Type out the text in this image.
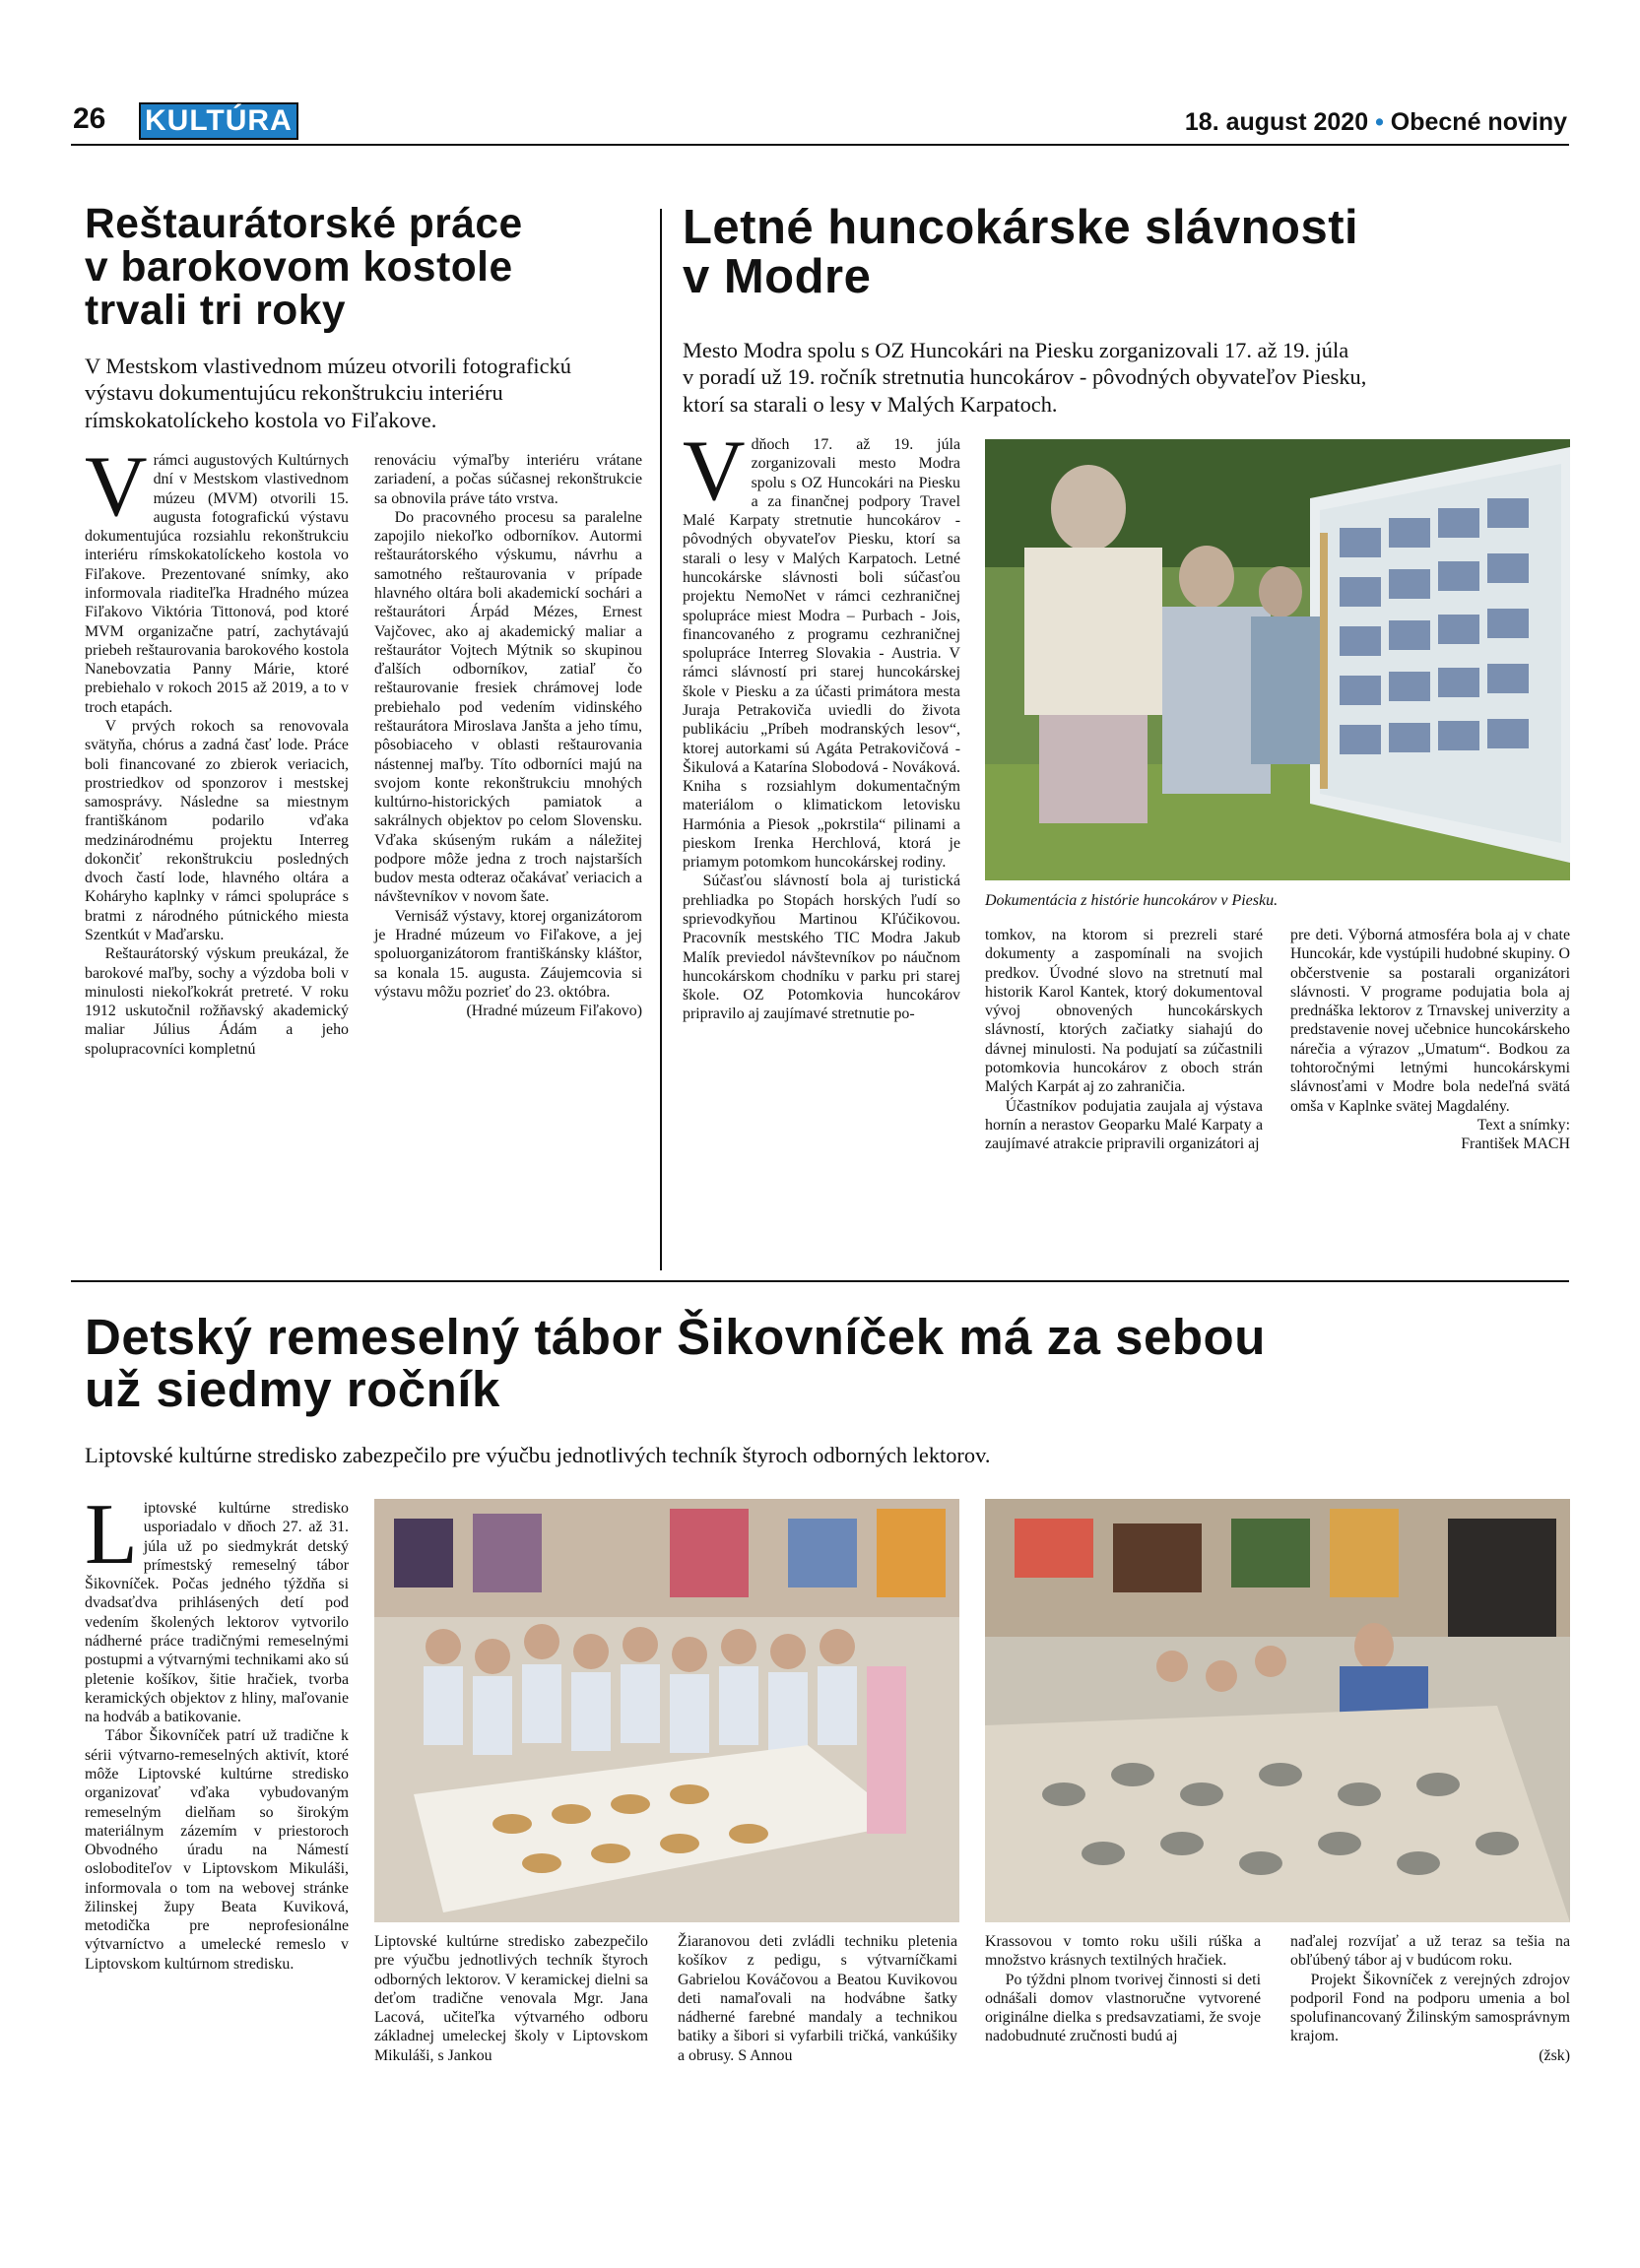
26 KULTÚRA	18. august 2020 • Obecné noviny
Reštaurátorské práce
v barokovom kostole
trvali tri roky
V Mestskom vlastivednom múzeu otvorili fotografickú
výstavu dokumentujúcu rekonštrukciu interiéru
rímskokatolíckeho kostola vo Fiľakove.
V rámci augustových Kultúrnych dní v Mestskom vlastivednom múzeu (MVM) otvorili 15. augusta fotografickú výstavu dokumentujúca rozsiahlu rekonštrukciu interiéru rímskokatolíckeho kostola vo Fiľakove. Prezentované snímky, ako informovala riaditeľka Hradného múzea Fiľakovo Viktória Tittonová, pod ktoré MVM organizačne patrí, zachytávajú priebeh reštaurovania barokového kostola Nanebovzatia Panny Márie, ktoré prebiehalo v rokoch 2015 až 2019, a to v troch etapách.

V prvých rokoch sa renovovala svätyňa, chórus a zadná časť lode. Práce boli financované zo zbierok veriacich, prostriedkov od sponzorov i mestskej samosprávy. Následne sa miestnym františkánom podarilo vďaka medzinárodnému projektu Interreg dokončiť rekonštrukciu posledných dvoch častí lode, hlavného oltára a Koháryho kaplnky v rámci spolupráce s bratmi z národného pútnického miesta Szentkút v Maďarsku.

Reštaurátorský výskum preukázal, že barokové maľby, sochy a výzdoba boli v minulosti niekoľkokrát pretreté. V roku 1912 uskutočnil rožňavský akademický maliar Július Ádám a jeho spolupracovníci kompletnú

renováciu výmaľby interiéru vrátane zariadení, a počas súčasnej rekonštrukcie sa obnovila práve táto vrstva.

Do pracovného procesu sa paralelne zapojilo niekoľko odborníkov. Autormi reštaurátorského výskumu, návrhu a samotného reštaurovania v prípade hlavného oltára boli akademickí sochári a reštaurátori Árpád Mézes, Ernest Vajčovec, ako aj akademický maliar a reštaurátor Vojtech Mýtnik so skupinou ďalších odborníkov, zatiaľ čo reštaurovanie fresiek chrámovej lode prebiehalo pod vedením vidinského reštaurátora Miroslava Janšta a jeho tímu, pôsobiaceho v oblasti reštaurovania nástennej maľby. Títo odborníci majú na svojom konte rekonštrukciu mnohých kultúrno-historických pamiatok a sakrálnych objektov po celom Slovensku. Vďaka skúseným rukám a náležitej podpore môže jedna z troch najstarších budov mesta odteraz očakávať veriacich a návštevníkov v novom šate.

Vernisáž výstavy, ktorej organizátorom je Hradné múzeum vo Fiľakove, a jej spoluorganizátorom františkánsky kláštor, sa konala 15. augusta. Záujemcovia si výstavu môžu pozrieť do 23. októbra.

(Hradné múzeum Fiľakovo)

Letné huncokárske slávnosti
v Modre
Mesto Modra spolu s OZ Huncokári na Piesku zorganizovali 17. až 19. júla
v poradí už 19. ročník stretnutia huncokárov - pôvodných obyvateľov Piesku,
ktorí sa starali o lesy v Malých Karpatoch.
V dňoch 17. až 19. júla zorganizovali mesto Modra spolu s OZ Huncokári na Piesku a za finančnej podpory Travel Malé Karpaty stretnutie huncokárov - pôvodných obyvateľov Piesku, ktorí sa starali o lesy v Malých Karpatoch. Letné huncokárske slávnosti boli súčasťou projektu NemoNet v rámci cezhraničnej spolupráce miest Modra – Purbach - Jois, financovaného z programu cezhraničnej spolupráce Interreg Slovakia - Austria. V rámci slávností pri starej huncokárskej škole v Piesku a za účasti primátora mesta Juraja Petrakoviča uviedli do života publikáciu „Príbeh modranských lesov“, ktorej autorkami sú Agáta Petrakovičová - Šikulová a Katarína Slobodová - Nováková. Kniha s rozsiahlym dokumentačným materiálom o klimatickom letovisku Harmónia a Piesok „pokrstila“ pilinami a pieskom Irenka Herchlová, ktorá je priamym potomkom huncokárskej rodiny.

Súčasťou slávností bola aj turistická prehliadka po Stopách horských ľudí so sprievodkyňou Martinou Kľúčikovou. Pracovník mestského TIC Modra Jakub Malík previedol návštevníkov po náučnom huncokárskom chodníku v parku pri starej škole. OZ Potomkovia huncokárov pripravilo aj zaujímavé stretnutie po-

Dokumentácia z histórie huncokárov v Piesku.

tomkov, na ktorom si prezreli staré dokumenty a zaspomínali na svojich predkov. Úvodné slovo na stretnutí mal historik Karol Kantek, ktorý dokumentoval vývoj obnovených huncokárskych slávností, ktorých začiatky siahajú do dávnej minulosti. Na podujatí sa zúčastnili potomkovia huncokárov z oboch strán Malých Karpát aj zo zahraničia.

Účastníkov podujatia zaujala aj výstava hornín a nerastov Geoparku Malé Karpaty a zaujímavé atrakcie pripravili organizátori aj

pre deti. Výborná atmosféra bola aj v chate Huncokár, kde vystúpili hudobné skupiny. O občerstvenie sa postarali organizátori slávnosti. V programe podujatia bola aj prednáška lektorov z Trnavskej univerzity a predstavenie novej učebnice huncokárskeho nárečia a výrazov „Umatum“. Bodkou za tohtoročnými letnými huncokárskymi slávnosťami v Modre bola nedeľná svätá omša v Kaplnke svätej Magdalény.

Text a snímky:

František MACH

Detský remeselný tábor Šikovníček má za sebou
už siedmy ročník
Liptovské kultúrne stredisko zabezpečilo pre výučbu jednotlivých techník štyroch odborných lektorov.
L iptovské kultúrne stredisko usporiadalo v dňoch 27. až 31. júla už po siedmykrát detský prímestský remeselný tábor Šikovníček. Počas jedného týždňa si dvadsaťdva prihlásených detí pod vedením školených lektorov vytvorilo nádherné práce tradičnými remeselnými postupmi a výtvarnými technikami ako sú pletenie košíkov, šitie hračiek, tvorba keramických objektov z hliny, maľovanie na hodváb a batikovanie.

Tábor Šikovníček patrí už tradične k sérii výtvarno-remeselných aktivít, ktoré môže Liptovské kultúrne stredisko organizovať vďaka vybudovaným remeselným dielňam so širokým materiálnym zázemím v priestoroch Obvodného úradu na Námestí osloboditeľov v Liptovskom Mikuláši, informovala o tom na webovej stránke žilinskej župy Beata Kuviková, metodička pre neprofesionálne výtvarníctvo a umelecké remeslo v Liptovskom kultúrnom stredisku.

Liptovské kultúrne stredisko zabezpečilo pre výučbu jednotlivých techník štyroch odborných lektorov. V keramickej dielni sa deťom tradične venovala Mgr. Jana Lacová, učiteľka výtvarného odboru základnej umeleckej školy v Liptovskom Mikuláši, s Jankou

Žiaranovou deti zvládli techniku pletenia košíkov z pedigu, s výtvarníčkami Gabrielou Kováčovou a Beatou Kuvikovou deti namaľovali na hodvábne šatky nádherné farebné mandaly a technikou batiky a šibori si vyfarbili tričká, vankúšiky a obrusy. S Annou

Krassovou v tomto roku ušili rúška a množstvo krásnych textilných hračiek.

Po týždni plnom tvorivej činnosti si deti odnášali domov vlastnoručne vytvorené originálne dielka s predsavzatiami, že svoje nadobudnuté zručnosti budú aj

naďalej rozvíjať a už teraz sa tešia na obľúbený tábor aj v budúcom roku.

Projekt Šikovníček z verejných zdrojov podporil Fond na podporu umenia a bol spolufinancovaný Žilinským samosprávnym krajom.

(žsk)
